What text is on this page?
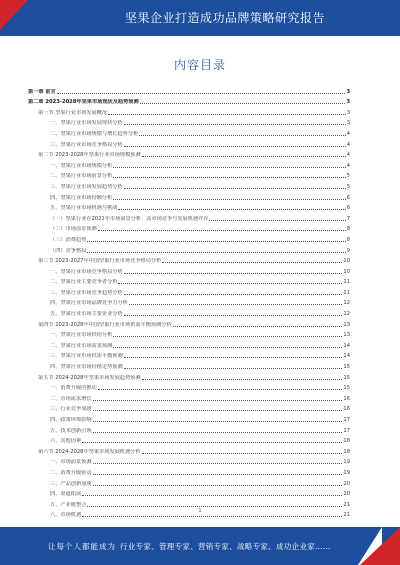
坚果企业打造成功品牌策略研究报告
内容目录
第一章 前言	3
第二章 2023-2028年坚果市场现状及趋势预测	3
第一节 坚果行业市场发展概况	3
一、坚果行业市场发展现状分析	3
二、坚果行业市场规模与增长趋势分析	4
三、坚果行业市场竞争格局分析	4
第二节 2023-2028年坚果行业市场规模预测	4
一、坚果行业市场规模分析	4
二、坚果行业市场前景分析	5
三、坚果行业市场发展趋势分析	5
四、坚果行业市场份额分析	6
五、坚果行业市场机遇与挑战	6
（一）坚果行业在2021年市场前景分析：高市场竞争与发展机遇并存	7
（二）市场前景预测	8
（三）消费趋势	8
（四）竞争格局	9
第三节 2023-2027年中国坚果行业市场竞争格局分析	10
一、坚果行业市场竞争格局分析	10
二、坚果行业主要竞争者分析	11
三、坚果行业市场竞争趋势分析	11
四、坚果行业市场品牌竞争力分析	12
五、坚果行业市场主要企业分析	12
第四节 2023-2028年中国坚果行业市场供需平衡预测分析	13
一、坚果行业市场供给分析	13
二、坚果行业市场需求预测	14
三、坚果行业市场供需平衡预测	14
四、坚果行业市场价格走势预测	15
第五节 2024-2028年坚果市场发展趋势预测	15
一、消费升级的推动	15
二、市场需求增长	16
三、行业竞争加剧	16
四、政策环境影响	17
五、技术创新引领	17
六、其他因素	18
第六节 2024-2028年坚果市场发展机遇分析	18
一、市场前景预测	19
二、消费升级驱动	19
三、产品创新加速	20
四、渠道拓展	20
五、产业链整合	21
六、市场机遇	21
1
让每个人都能成为 行业专家、管理专家、营销专家、战略专家、成功企业家……
